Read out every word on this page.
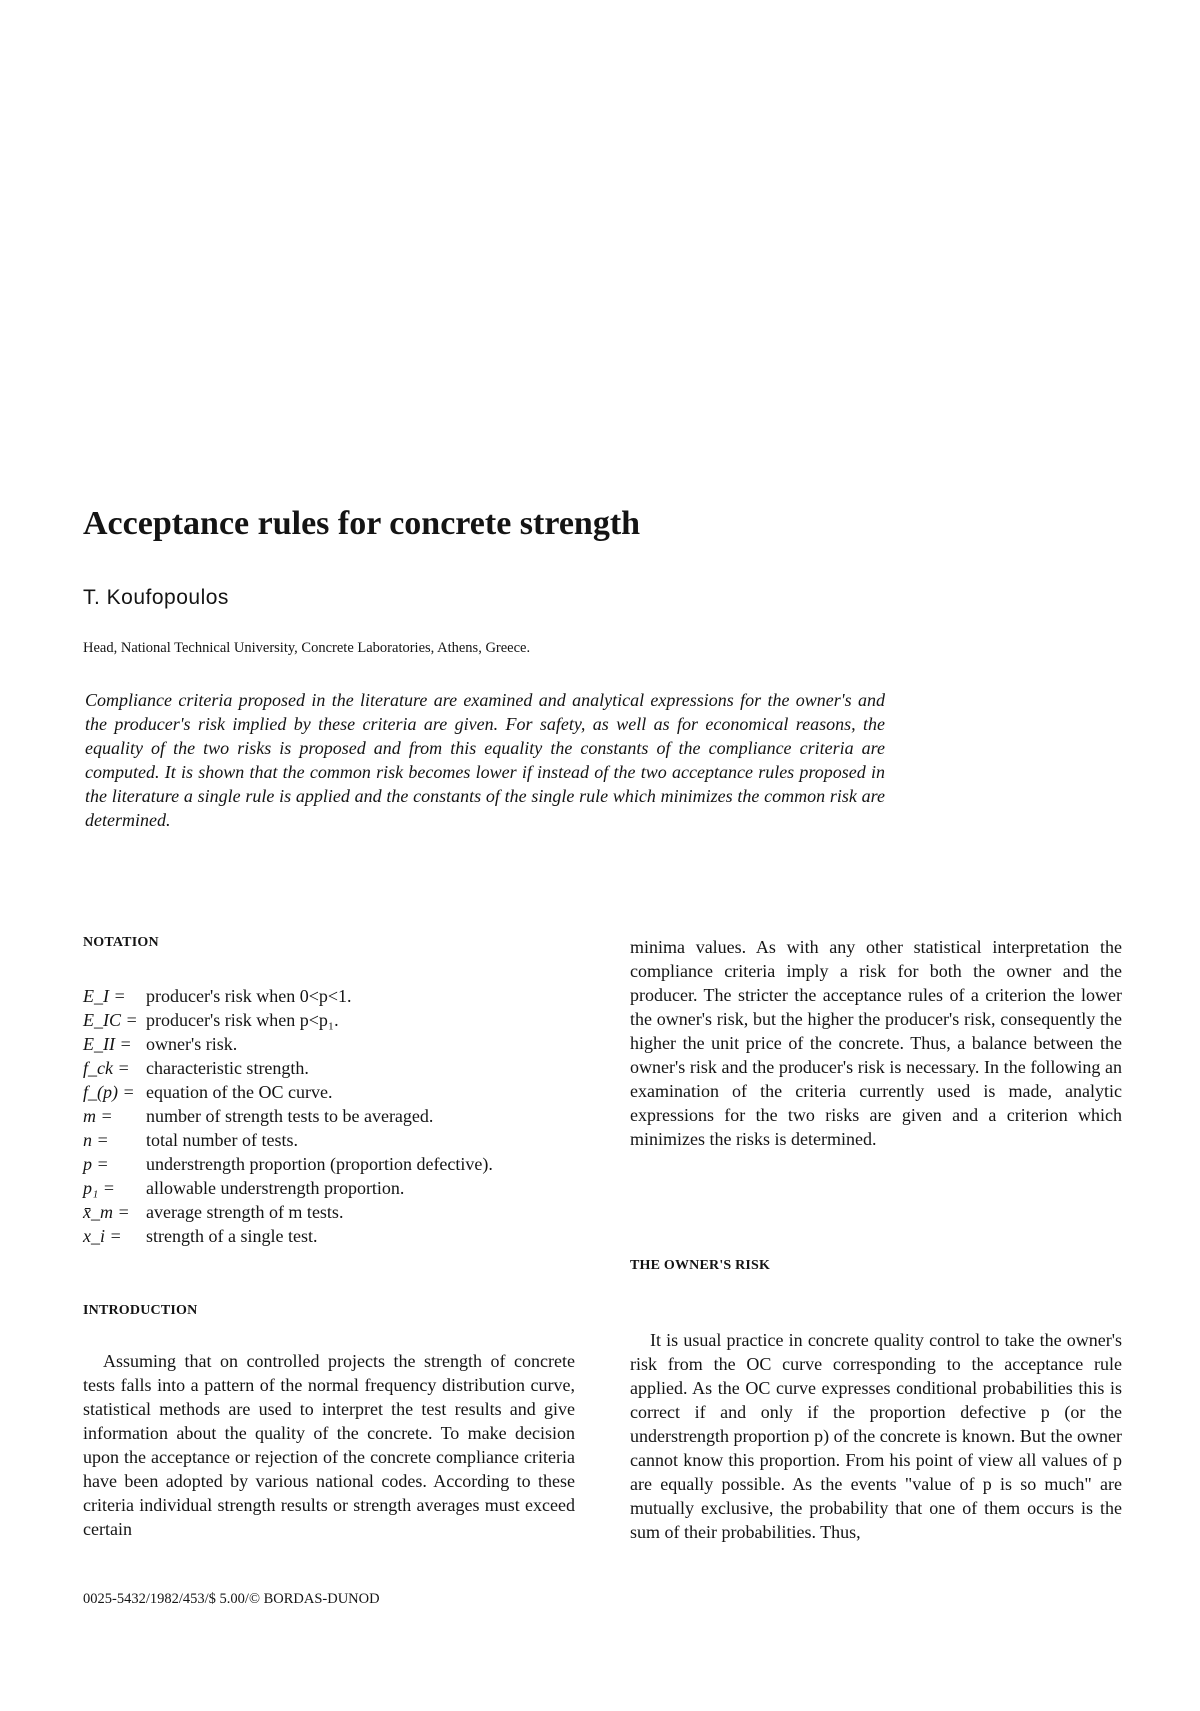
Acceptance rules for concrete strength
T. Koufopoulos
Head, National Technical University, Concrete Laboratories, Athens, Greece.
Compliance criteria proposed in the literature are examined and analytical expressions for the owner's and the producer's risk implied by these criteria are given. For safety, as well as for economical reasons, the equality of the two risks is proposed and from this equality the constants of the compliance criteria are computed. It is shown that the common risk becomes lower if instead of the two acceptance rules proposed in the literature a single rule is applied and the constants of the single rule which minimizes the common risk are determined.
NOTATION
E_I =	producer's risk when 0<p<1.
E_IC = producer's risk when p<p₁.
E_II = owner's risk.
f_ck = characteristic strength.
f_(p) = equation of the OC curve.
m =	number of strength tests to be averaged.
n =	total number of tests.
p =	understrength proportion (proportion defective).
p₁ =	allowable understrength proportion.
x̄_m = average strength of m tests.
x_i =	strength of a single test.
INTRODUCTION

Assuming that on controlled projects the strength of concrete tests falls into a pattern of the normal frequency distribution curve, statistical methods are used to interpret the test results and give information about the quality of the concrete. To make decision upon the acceptance or rejection of the concrete compliance criteria have been adopted by various national codes. According to these criteria individual strength results or strength averages must exceed certain

minima values. As with any other statistical interpretation the compliance criteria imply a risk for both the owner and the producer. The stricter the acceptance rules of a criterion the lower the owner's risk, but the higher the producer's risk, consequently the higher the unit price of the concrete. Thus, a balance between the owner's risk and the producer's risk is necessary. In the following an examination of the criteria currently used is made, analytic expressions for the two risks are given and a criterion which minimizes the risks is determined.

THE OWNER'S RISK

It is usual practice in concrete quality control to take the owner's risk from the OC curve corresponding to the acceptance rule applied. As the OC curve expresses conditional probabilities this is correct if and only if the proportion defective p (or the understrength proportion p) of the concrete is known. But the owner cannot know this proportion. From his point of view all values of p are equally possible. As the events "value of p is so much" are mutually exclusive, the probability that one of them occurs is the sum of their probabilities. Thus,

0025-5432/1982/453/$ 5.00/© BORDAS-DUNOD
